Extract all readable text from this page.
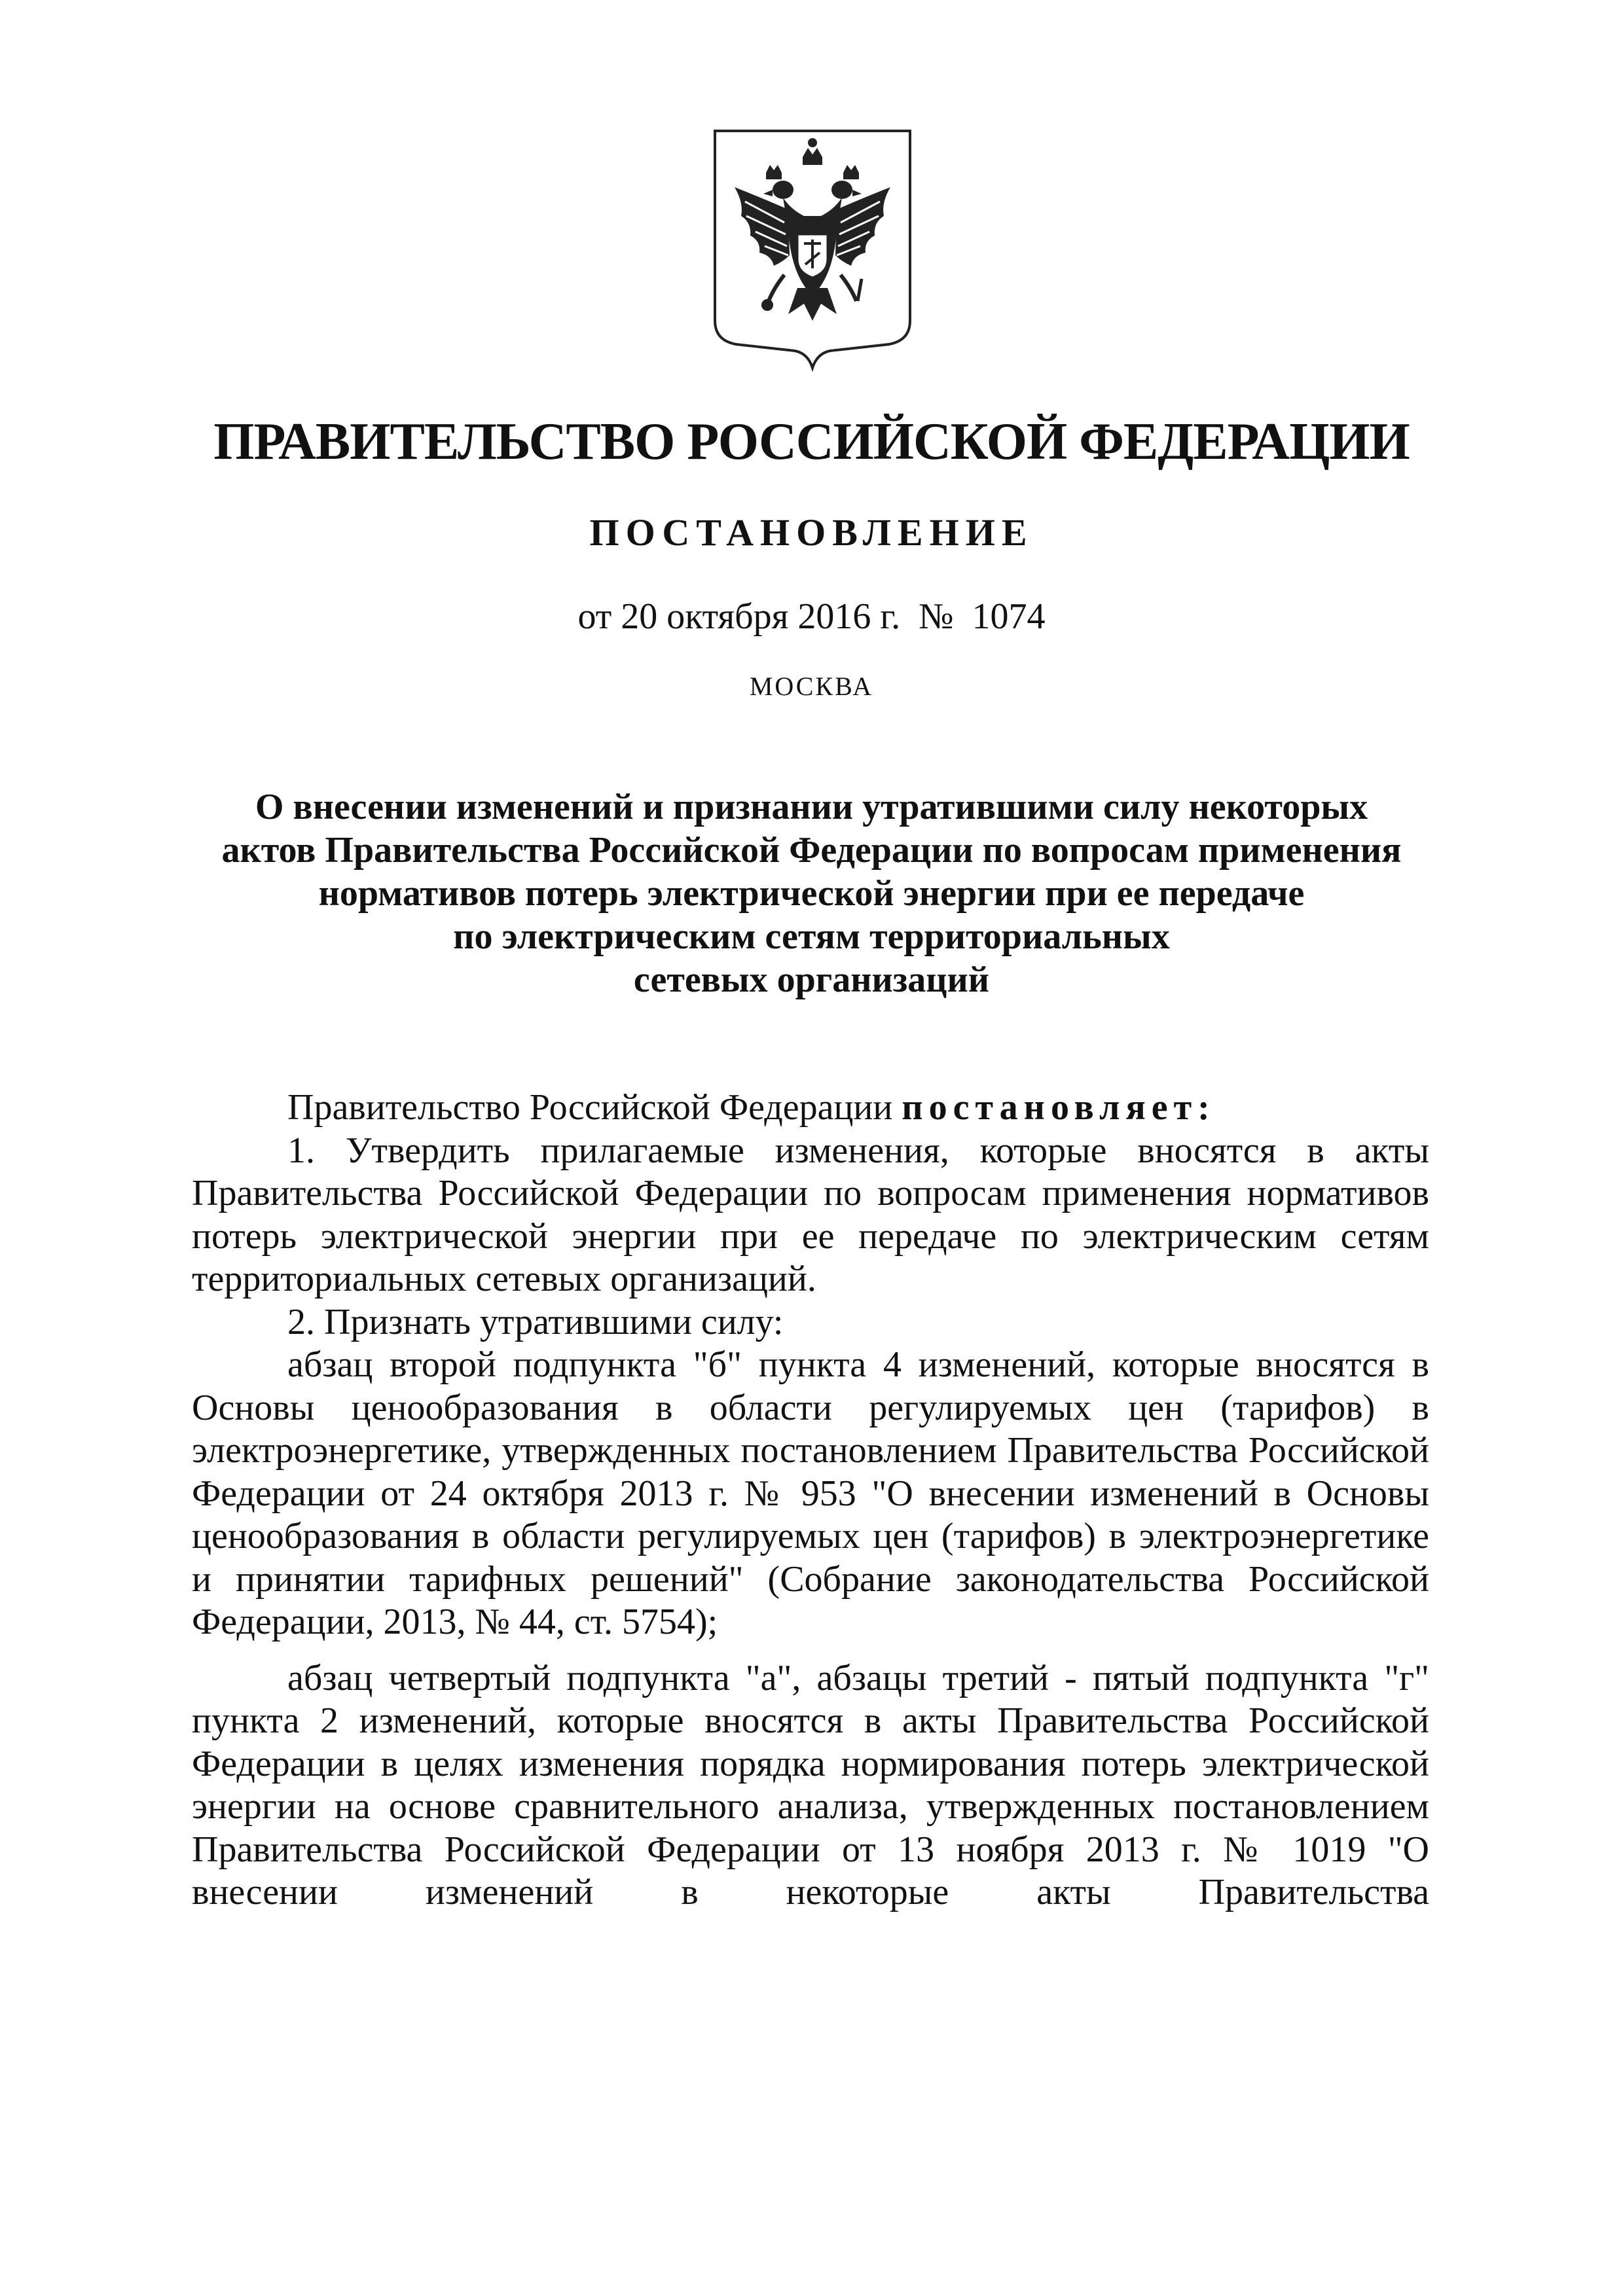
ПРАВИТЕЛЬСТВО РОССИЙСКОЙ ФЕДЕРАЦИИ
ПОСТАНОВЛЕНИЕ
от 20 октября 2016 г. № 1074
МОСКВА
О внесении изменений и признании утратившими силу некоторых
актов Правительства Российской Федерации по вопросам применения
нормативов потерь электрической энергии при ее передаче
по электрическим сетям территориальных
сетевых организаций

Правительство Российской Федерации постановляет:

1. Утвердить прилагаемые изменения, которые вносятся в акты Правительства Российской Федерации по вопросам применения нормативов потерь электрической энергии при ее передаче по электрическим сетям территориальных сетевых организаций.

2. Признать утратившими силу:

абзац второй подпункта "б" пункта 4 изменений, которые вносятся в Основы ценообразования в области регулируемых цен (тарифов) в электроэнергетике, утвержденных постановлением Правительства Российской Федерации от 24 октября 2013 г. № 953 "О внесении изменений в Основы ценообразования в области регулируемых цен (тарифов) в электроэнергетике и принятии тарифных решений" (Собрание законодательства Российской Федерации, 2013, № 44, ст. 5754);

абзац четвертый подпункта "а", абзацы третий - пятый подпункта "г" пункта 2 изменений, которые вносятся в акты Правительства Российской Федерации в целях изменения порядка нормирования потерь электрической энергии на основе сравнительного анализа, утвержденных постановлением Правительства Российской Федерации от 13 ноября 2013 г. № 1019 "О внесении изменений в некоторые акты Правительства
